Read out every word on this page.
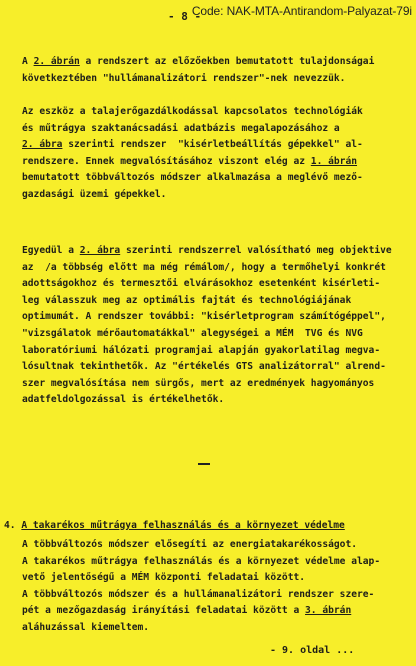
- 8 -
Code: NAK-MTA-Antirandom-Palyazat-79i
A 2. ábrán a rendszert az előzőekben bemutatott tulajdonságai
következtében "hullámanalizátori rendszer"-nek nevezzük.
Az eszköz a talajerőgazdálkodással kapcsolatos technológiák
és műtrágya szaktanácsadási adatbázis megalapozásához a
2. ábra szerinti rendszer  "kisérletbeállítás gépekkel" al-
rendszere. Ennek megvalósításához viszont elég az 1. ábrán
bemutatott többváltozós módszer alkalmazása a meglévő mező-
gazdasági üzemi gépekkel.
Egyedül a 2. ábra szerinti rendszerrel valósítható meg objektive
az  /a többség előtt ma még rémálom/, hogy a termőhelyi konkrét
adottságokhoz és termesztői elvárásokhoz esetenként kisérleti-
leg válasszuk meg az optimális fajtát és technológiájának
optimumát. A rendszer további: "kisérletprogram számítógéppel",
"vizsgálatok mérőautomatákkal" alegységei a MÉM  TVG és NVG
laboratóriumi hálózati programjai alapján gyakorlatilag megva-
lósultnak tekinthetők. Az "értékelés GTS analizátorral" alrend-
szer megvalósítása nem sürgős, mert az eredmények hagyományos
adatfeldolgozással is értékelhetők.
4. A takarékos műtrágya felhasználás és a környezet védelme
A többváltozós módszer elősegíti az energiatakarékosságot.
A takarékos műtrágya felhasználás és a környezet védelme alap-
vető jelentőségű a MÉM központi feladatai között.
A többváltozós módszer és a hullámanalizátori rendszer szere-
pét a mezőgazdaság irányítási feladatai között a 3. ábrán
aláhuzással kiemeltem.
- 9. oldal ...
